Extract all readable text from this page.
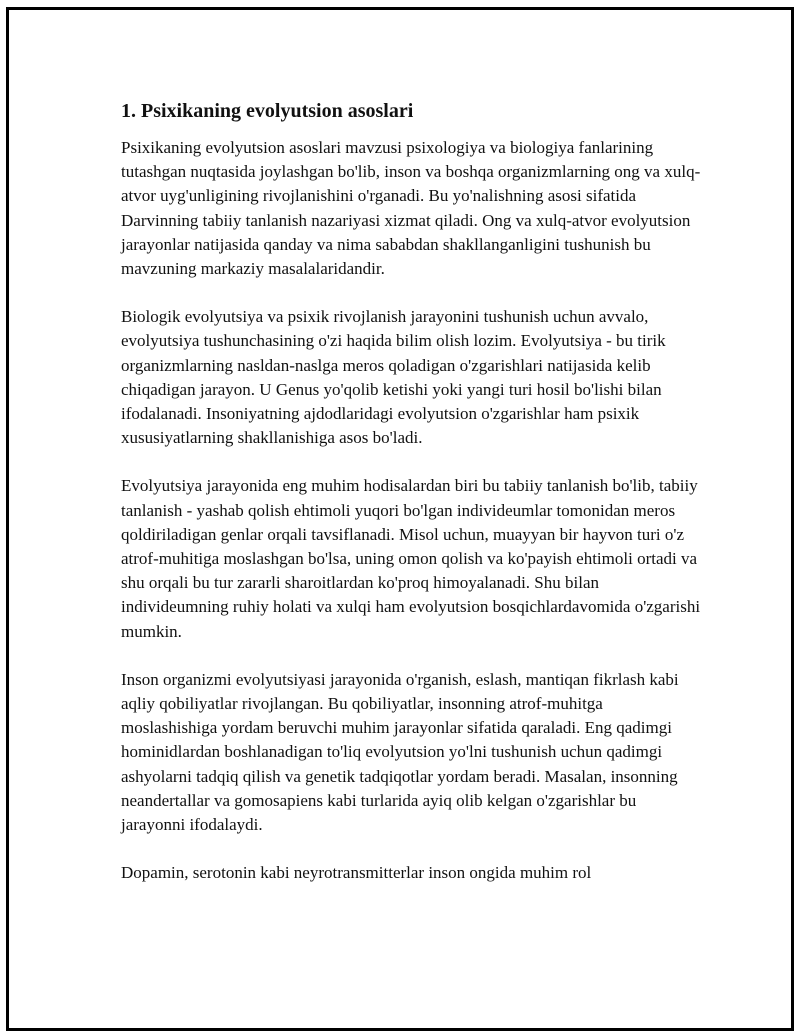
1. Psixikaning evolyutsion asoslari

Psixikaning evolyutsion asoslari mavzusi psixologiya va biologiya fanlarining tutashgan nuqtasida joylashgan bo'lib, inson va boshqa organizmlarning ong va xulq-atvor uyg'unligining rivojlanishini o'rganadi. Bu yo'nalishning asosi sifatida Darvinning tabiiy tanlanish nazariyasi xizmat qiladi. Ong va xulq-atvor evolyutsion jarayonlar natijasida qanday va nima sababdan shakllanganligini tushunish bu mavzuning markaziy masalalaridandir.

Biologik evolyutsiya va psixik rivojlanish jarayonini tushunish uchun avvalo, evolyutsiya tushunchasining o'zi haqida bilim olish lozim. Evolyutsiya - bu tirik organizmlarning nasldan-naslga meros qoladigan o'zgarishlari natijasida kelib chiqadigan jarayon. U Genus yo'qolib ketishi yoki yangi turi hosil bo'lishi bilan ifodalanadi. Insoniyatning ajdodlaridagi evolyutsion o'zgarishlar ham psixik xususiyatlarning shakllanishiga asos bo'ladi.

Evolyutsiya jarayonida eng muhim hodisalardan biri bu tabiiy tanlanish bo'lib, tabiiy tanlanish - yashab qolish ehtimoli yuqori bo'lgan individeumlar tomonidan meros qoldiriladigan genlar orqali tavsiflanadi. Misol uchun, muayyan bir hayvon turi o'z atrof-muhitiga moslashgan bo'lsa, uning omon qolish va ko'payish ehtimoli ortadi va shu orqali bu tur zararli sharoitlardan ko'proq himoyalanadi. Shu bilan individeumning ruhiy holati va xulqi ham evolyutsion bosqichlardavomida o'zgarishi mumkin.

Inson organizmi evolyutsiyasi jarayonida o'rganish, eslash, mantiqan fikrlash kabi aqliy qobiliyatlar rivojlangan. Bu qobiliyatlar, insonning atrof-muhitga moslashishiga yordam beruvchi muhim jarayonlar sifatida qaraladi. Eng qadimgi hominidlardan boshlanadigan to'liq evolyutsion yo'lni tushunish uchun qadimgi ashyolarni tadqiq qilish va genetik tadqiqotlar yordam beradi. Masalan, insonning neandertallar va gomosapiens kabi turlarida ayiq olib kelgan o'zgarishlar bu jarayonni ifodalaydi.

Dopamin, serotonin kabi neyrotransmitterlar inson ongida muhim rol
